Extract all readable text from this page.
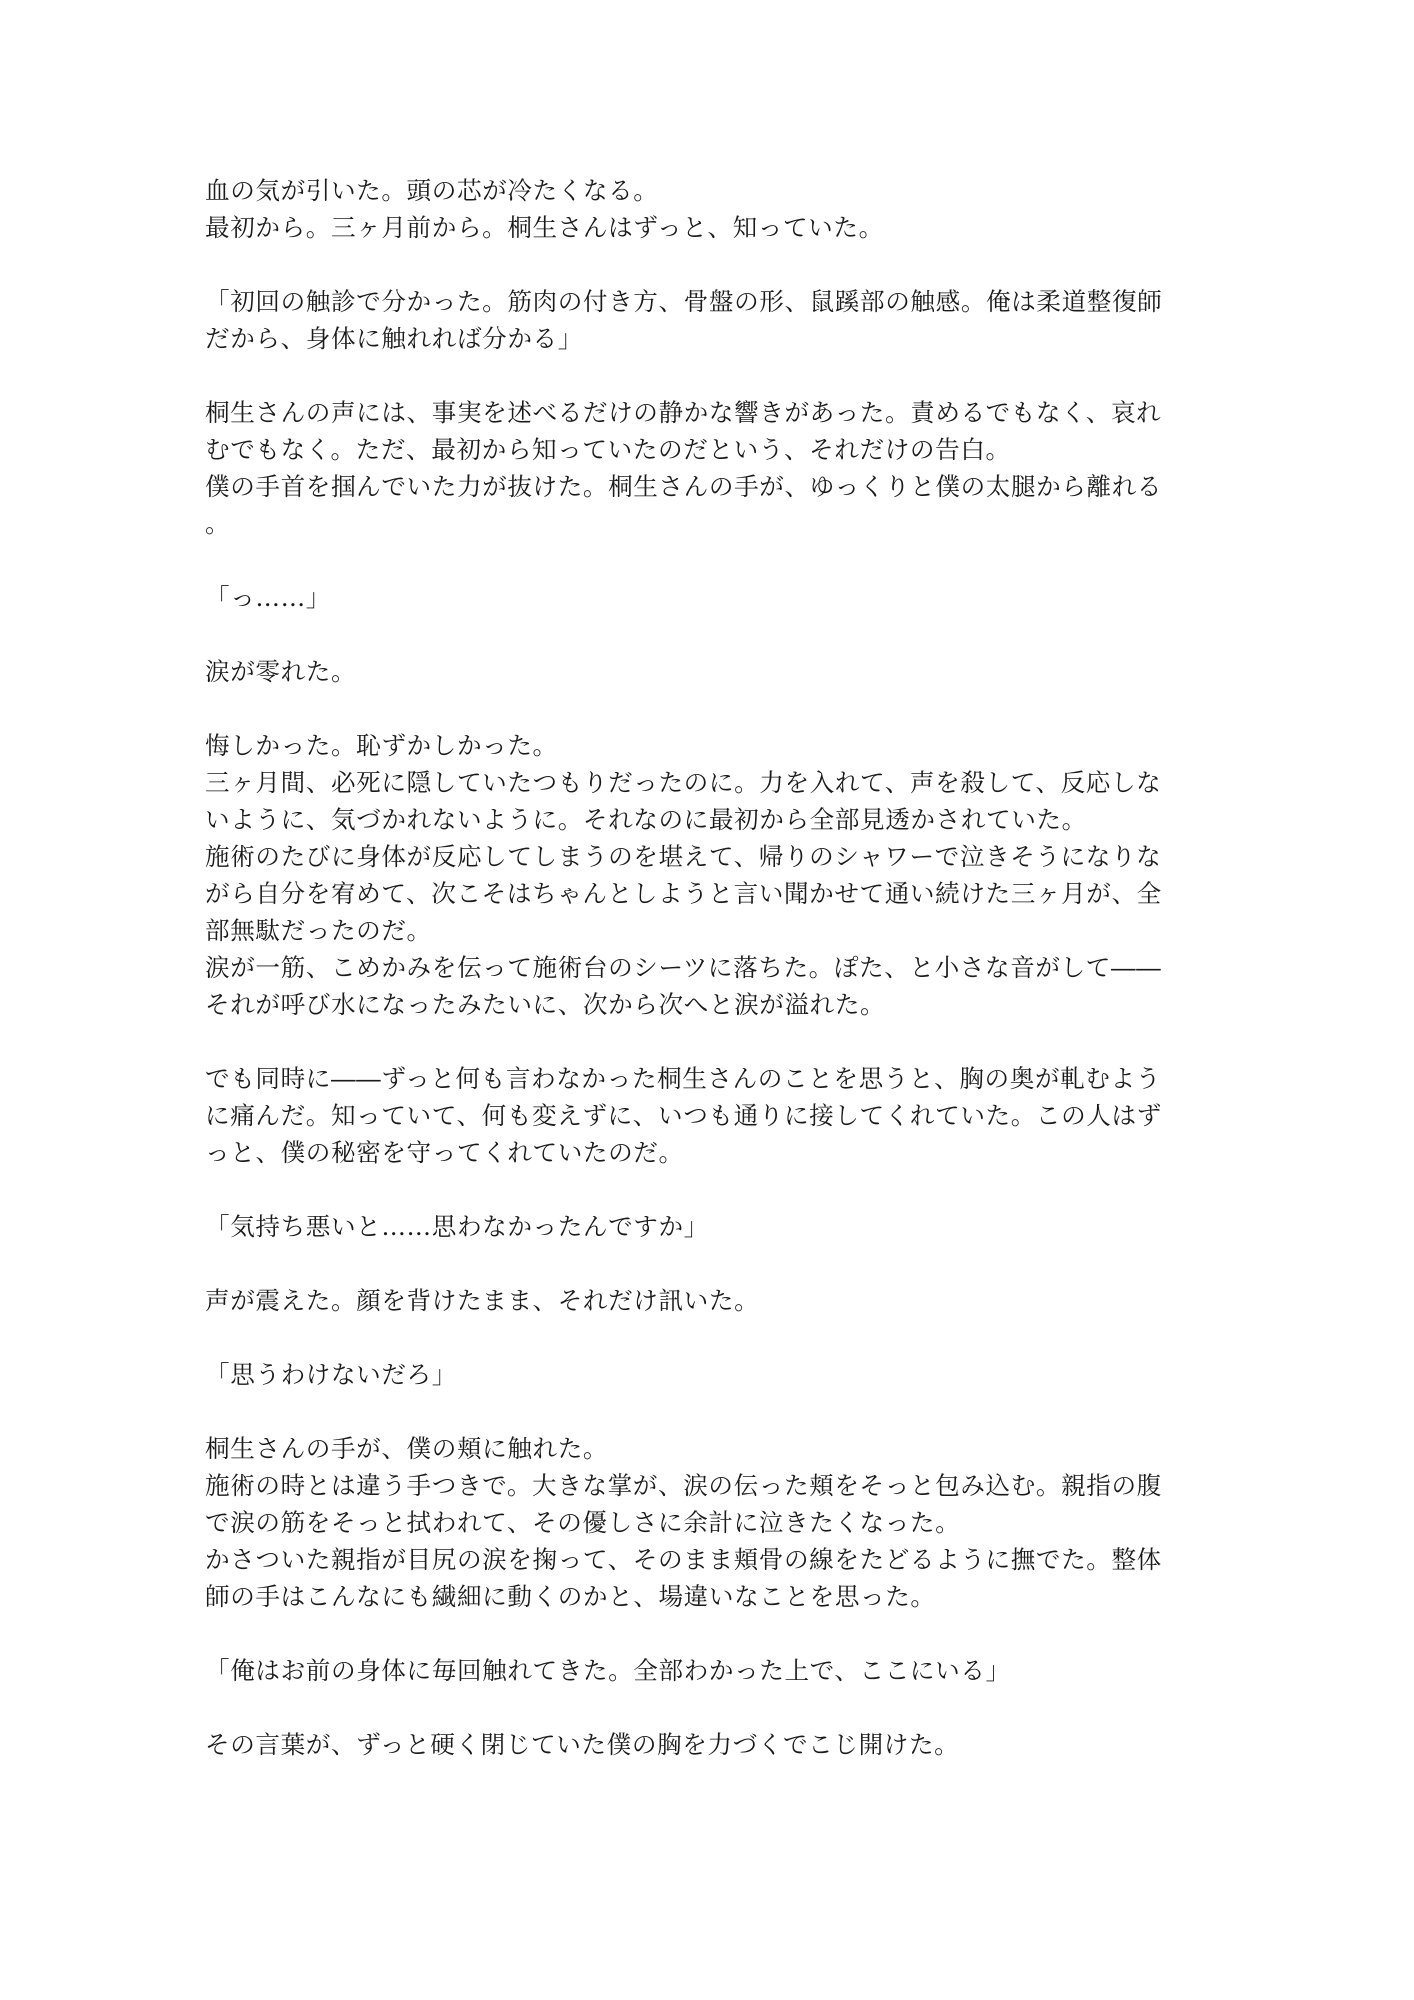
血の気が引いた。頭の芯が冷たくなる。
最初から。三ヶ月前から。桐生さんはずっと、知っていた。
「初回の触診で分かった。筋肉の付き方、骨盤の形、鼠蹊部の触感。俺は柔道整復師
だから、身体に触れれば分かる」
桐生さんの声には、事実を述べるだけの静かな響きがあった。責めるでもなく、哀れ
むでもなく。ただ、最初から知っていたのだという、それだけの告白。
僕の手首を掴んでいた力が抜けた。桐生さんの手が、ゆっくりと僕の太腿から離れる
。
「っ……」
涙が零れた。
悔しかった。恥ずかしかった。
三ヶ月間、必死に隠していたつもりだったのに。力を入れて、声を殺して、反応しな
いように、気づかれないように。それなのに最初から全部見透かされていた。
施術のたびに身体が反応してしまうのを堪えて、帰りのシャワーで泣きそうになりな
がら自分を宥めて、次こそはちゃんとしようと言い聞かせて通い続けた三ヶ月が、全
部無駄だったのだ。
涙が一筋、こめかみを伝って施術台のシーツに落ちた。ぽた、と小さな音がして――
それが呼び水になったみたいに、次から次へと涙が溢れた。
でも同時に――ずっと何も言わなかった桐生さんのことを思うと、胸の奥が軋むよう
に痛んだ。知っていて、何も変えずに、いつも通りに接してくれていた。この人はず
っと、僕の秘密を守ってくれていたのだ。
「気持ち悪いと……思わなかったんですか」
声が震えた。顔を背けたまま、それだけ訊いた。
「思うわけないだろ」
桐生さんの手が、僕の頬に触れた。
施術の時とは違う手つきで。大きな掌が、涙の伝った頬をそっと包み込む。親指の腹
で涙の筋をそっと拭われて、その優しさに余計に泣きたくなった。
かさついた親指が目尻の涙を掬って、そのまま頬骨の線をたどるように撫でた。整体
師の手はこんなにも繊細に動くのかと、場違いなことを思った。
「俺はお前の身体に毎回触れてきた。全部わかった上で、ここにいる」
その言葉が、ずっと硬く閉じていた僕の胸を力づくでこじ開けた。
